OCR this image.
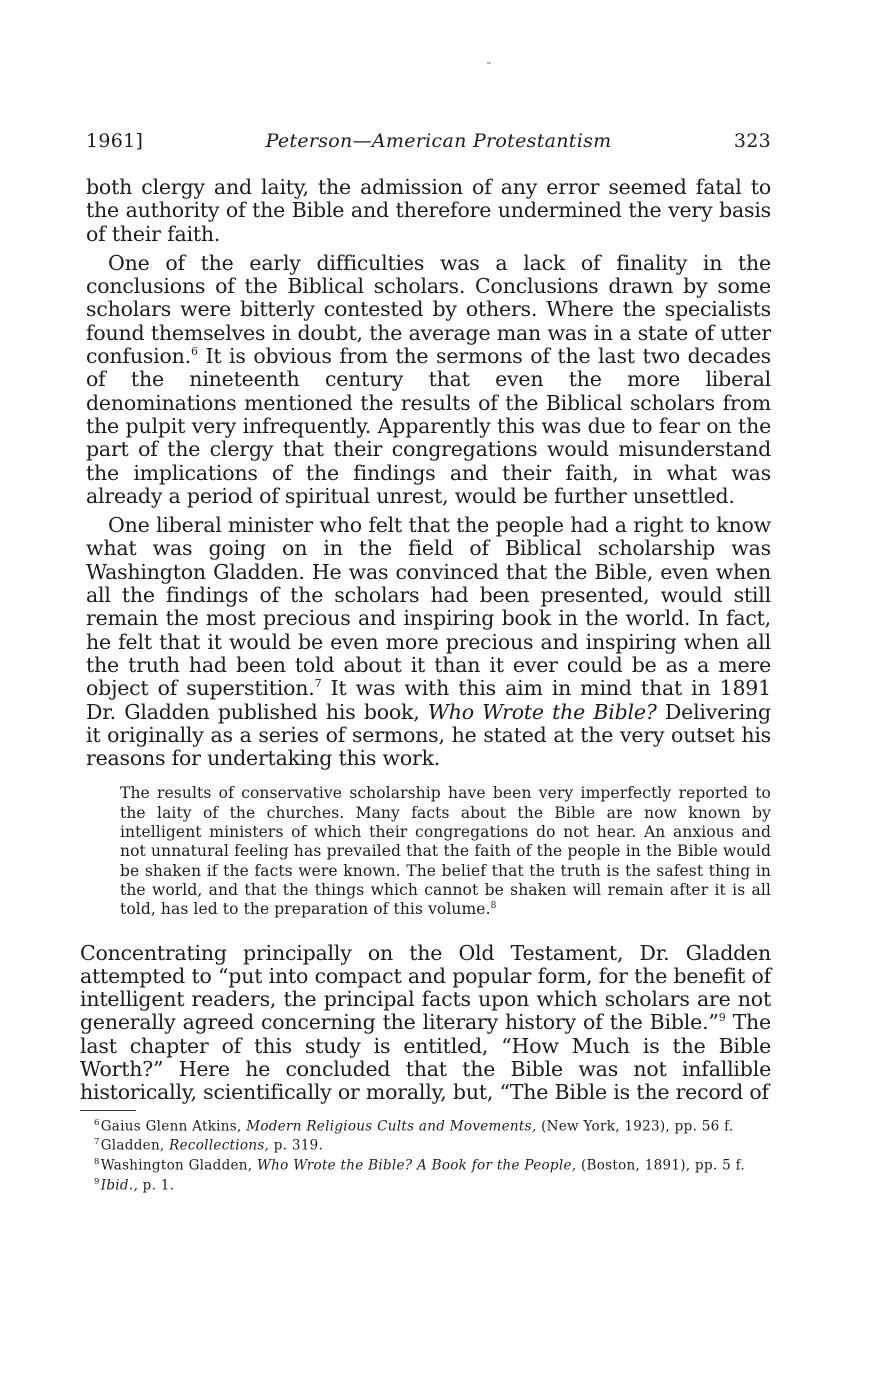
1961]	Peterson—American Protestantism	323

both clergy and laity, the admission of any error seemed fatal to the authority of the Bible and therefore undermined the very basis of their faith.

One of the early difficulties was a lack of finality in the conclusions of the Biblical scholars. Conclusions drawn by some scholars were bitterly contested by others. Where the specialists found themselves in doubt, the average man was in a state of utter confusion.$^6$ It is obvious from the sermons of the last two decades of the nineteenth century that even the more liberal denominations mentioned the results of the Biblical scholars from the pulpit very infrequently. Apparently this was due to fear on the part of the clergy that their congregations would misunderstand the implications of the findings and their faith, in what was already a period of spiritual unrest, would be further unsettled.

One liberal minister who felt that the people had a right to know what was going on in the field of Biblical scholarship was Washington Gladden. He was convinced that the Bible, even when all the findings of the scholars had been presented, would still remain the most precious and inspiring book in the world. In fact, he felt that it would be even more precious and inspiring when all the truth had been told about it than it ever could be as a mere object of superstition.$^7$ It was with this aim in mind that in 1891 Dr. Gladden published his book, Who Wrote the Bible? Delivering it originally as a series of sermons, he stated at the very outset his reasons for undertaking this work.

The results of conservative scholarship have been very imperfectly reported to the laity of the churches. Many facts about the Bible are now known by intelligent ministers of which their congregations do not hear. An anxious and not unnatural feeling has prevailed that the faith of the people in the Bible would be shaken if the facts were known. The belief that the truth is the safest thing in the world, and that the things which cannot be shaken will remain after it is all told, has led to the preparation of this volume.$^8$

Concentrating principally on the Old Testament, Dr. Gladden attempted to “put into compact and popular form, for the benefit of intelligent readers, the principal facts upon which scholars are not generally agreed concerning the literary history of the Bible.”$^9$ The last chapter of this study is entitled, “How Much is the Bible Worth?” Here he concluded that the Bible was not infallible historically, scientifically or morally, but, “The Bible is the record of

$^6$Gaius Glenn Atkins, Modern Religious Cults and Movements, (New York, 1923), pp. 56 f.

$^7$Gladden, Recollections, p. 319.

$^8$Washington Gladden, Who Wrote the Bible? A Book for the People, (Boston, 1891), pp. 5 f.

$^9$Ibid., p. 1.
